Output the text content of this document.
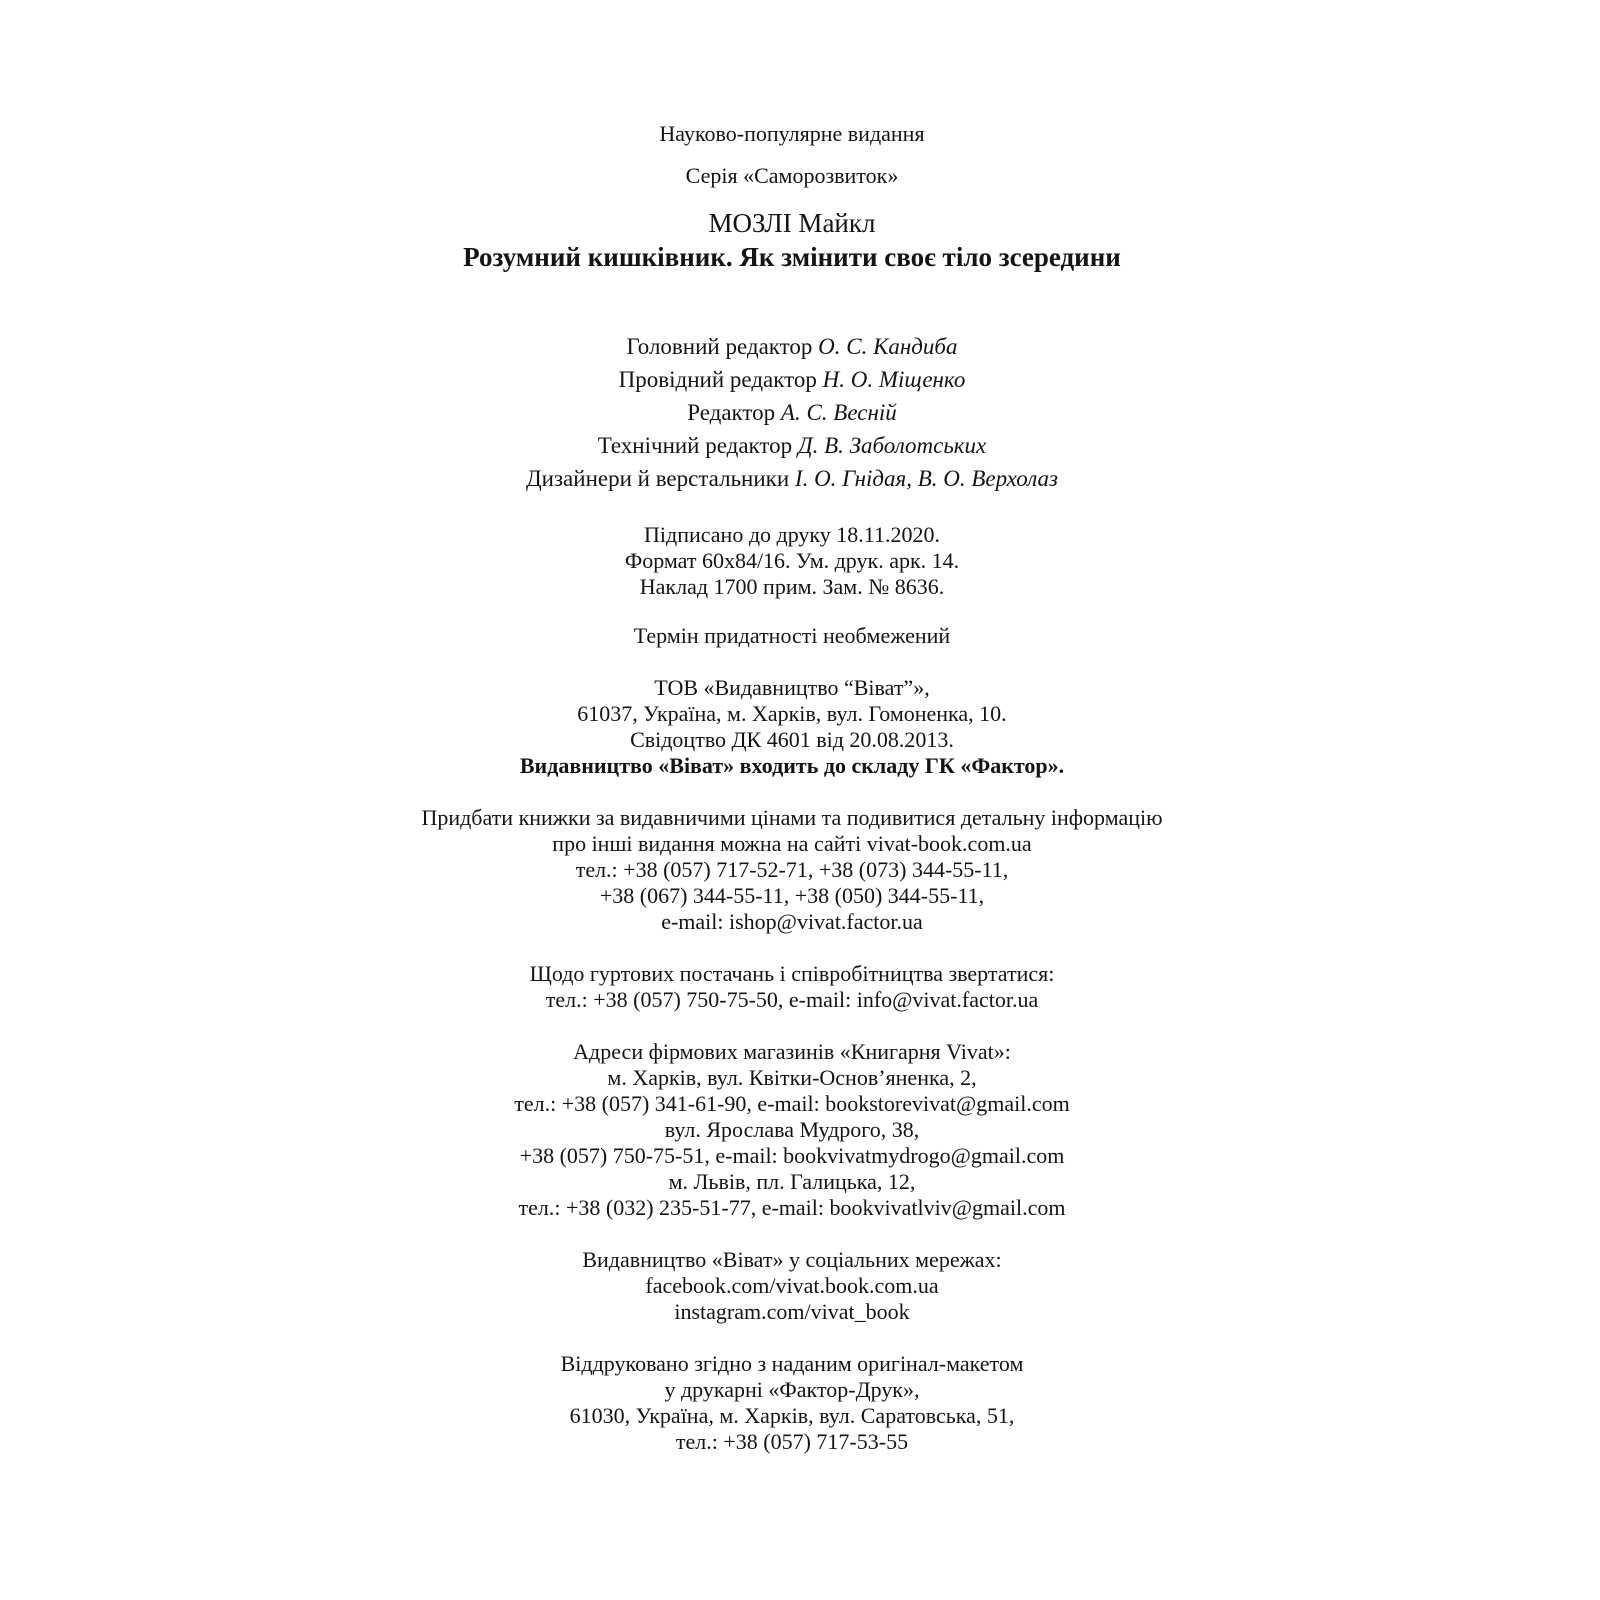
Науково-популярне видання
Серія «Саморозвиток»
МОЗЛІ Майкл
Розумний кишківник. Як змінити своє тіло зсередини
Головний редактор О. С. Кандиба
Провідний редактор Н. О. Міщенко
Редактор А. С. Весній
Технічний редактор Д. В. Заболотських
Дизайнери й верстальники І. О. Гнідая, В. О. Верхолаз
Підписано до друку 18.11.2020.
Формат 60х84/16. Ум. друк. арк. 14.
Наклад 1700 прим. Зам. № 8636.
Термін придатності необмежений
ТОВ «Видавництво “Віват”»,
61037, Україна, м. Харків, вул. Гомоненка, 10.
Свідоцтво ДК 4601 від 20.08.2013.
Видавництво «Віват» входить до складу ГК «Фактор».
Придбати книжки за видавничими цінами та подивитися детальну інформацію
про інші видання можна на сайті vivat-book.com.ua
тел.: +38 (057) 717-52-71, +38 (073) 344-55-11,
+38 (067) 344-55-11, +38 (050) 344-55-11,
e-mail: ishop@vivat.factor.ua
Щодо гуртових постачань і співробітництва звертатися:
тел.: +38 (057) 750-75-50, e-mail: info@vivat.factor.ua
Адреси фірмових магазинів «Книгарня Vivat»:
м. Харків, вул. Квітки-Основ’яненка, 2,
тел.: +38 (057) 341-61-90, e-mail: bookstorevivat@gmail.com
вул. Ярослава Мудрого, 38,
+38 (057) 750-75-51, e-mail: bookvivatmydrogo@gmail.com
м. Львів, пл. Галицька, 12,
тел.: +38 (032) 235-51-77, e-mail: bookvivatlviv@gmail.com
Видавництво «Віват» у соціальних мережах:
facebook.com/vivat.book.com.ua
instagram.com/vivat_book
Віддруковано згідно з наданим оригінал-макетом
у друкарні «Фактор-Друк»,
61030, Україна, м. Харків, вул. Саратовська, 51,
тел.: +38 (057) 717-53-55
